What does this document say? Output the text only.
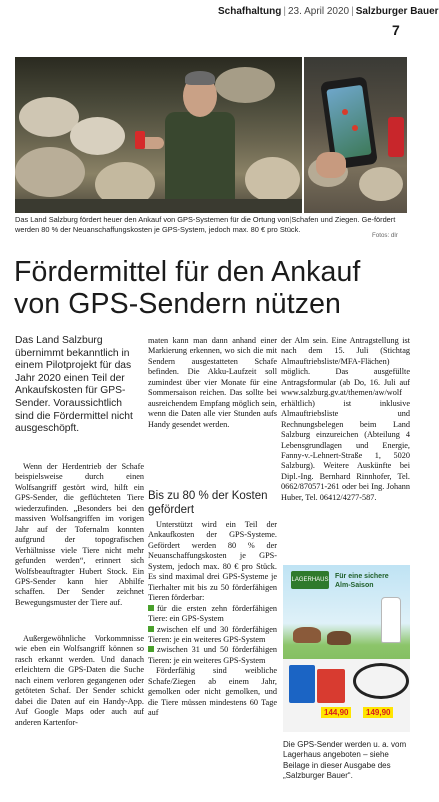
Schafhaltung | 23. April 2020 | Salzburger Bauer
7
Das Land Salzburg fördert heuer den Ankauf von GPS-Systemen für die Ortung von|Schafen und Ziegen. Ge-fördert werden 80 % der Neuanschaffungskosten je GPS-System, jedoch max. 80 € pro Stück.
Fotos: dlr
Fördermittel für den Ankauf von GPS-Sendern nützen
Das Land Salzburg übernimmt bekanntlich in einem Pilotprojekt für das Jahr 2020 einen Teil der Ankaufskosten für GPS-Sender. Voraussichtlich sind die Fördermittel nicht ausgeschöpft.

Wenn der Herdentrieb der Schafe beispielsweise durch einen Wolfsangriff gestört wird, hilft ein GPS-Sender, die geflüchteten Tiere wiederzufinden. „Besonders bei den massiven Wolfsangriffen im vorigen Jahr auf der Tofernalm konnten aufgrund der topografischen Verhältnisse viele Tiere nicht mehr gefunden werden“, erinnert sich Wolfsbeauftragter Hubert Stock. Ein GPS-Sender kann hier Abhilfe schaffen. Der Sender zeichnet Bewegungsmuster der Tiere auf.

Außergewöhnliche Vorkommnisse wie eben ein Wolfsangriff können so rasch erkannt werden. Und danach erleichtern die GPS-Daten die Suche nach einem verloren gegangenen oder getöteten Schaf. Der Sender schickt dabei die Daten auf ein Handy-App. Auf Google Maps oder auch auf anderen Kartenfor-

maten kann man dann anhand einer Markierung erkennen, wo sich die mit Sendern ausgestatteten Schafe befinden. Die Akku-Laufzeit soll zumindest über vier Monate für eine Sommersaison reichen. Das sollte bei ausreichendem Empfang möglich sein, wenn die Daten alle vier Stunden aufs Handy gesendet werden.

Bis zu 80 % der Kosten gefördert

Unterstützt wird ein Teil der Ankaufkosten der GPS-Systeme. Gefördert werden 80 % der Neuanschaffungskosten je GPS-System, jedoch max. 80 € pro Stück. Es sind maximal drei GPS-Systeme je Tierhalter mit bis zu 50 förderfähigen Tieren förderbar:

für die ersten zehn förderfähigen Tiere: ein GPS-System

zwischen elf und 30 förderfähigen Tieren: je ein weiteres GPS-System

zwischen 31 und 50 förderfähigen Tieren: je ein weiteres GPS-System

Förderfähig sind weibliche Schafe/Ziegen ab einem Jahr, gemolken oder nicht gemolken, und die Tiere müssen mindestens 60 Tage auf

der Alm sein. Eine Antragstellung ist nach dem 15. Juli (Stichtag Almauftriebsliste/MFA-Flächen) möglich. Das ausgefüllte Antragsformular (ab Do, 16. Juli auf www.salzburg.gv.at/themen/aw/wolf erhältlich) ist inklusive Almauftriebsliste und Rechnungsbelegen beim Land Salzburg einzureichen (Abteilung 4 Lebensgrundlagen und Energie, Fanny-v.-Lehnert-Straße 1, 5020 Salzburg). Weitere Auskünfte bei Dipl.-Ing. Bernhard Rinnhofer, Tel. 0662/870571-261 oder bei Ing. Johann Huber, Tel. 06412/4277-587.

LAGERHAUS Für eine sichere Alm-Saison
144,90	149,90
Die GPS-Sender werden u. a. vom Lagerhaus angeboten – siehe Beilage in dieser Ausgabe des „Salzburger Bauer“.
